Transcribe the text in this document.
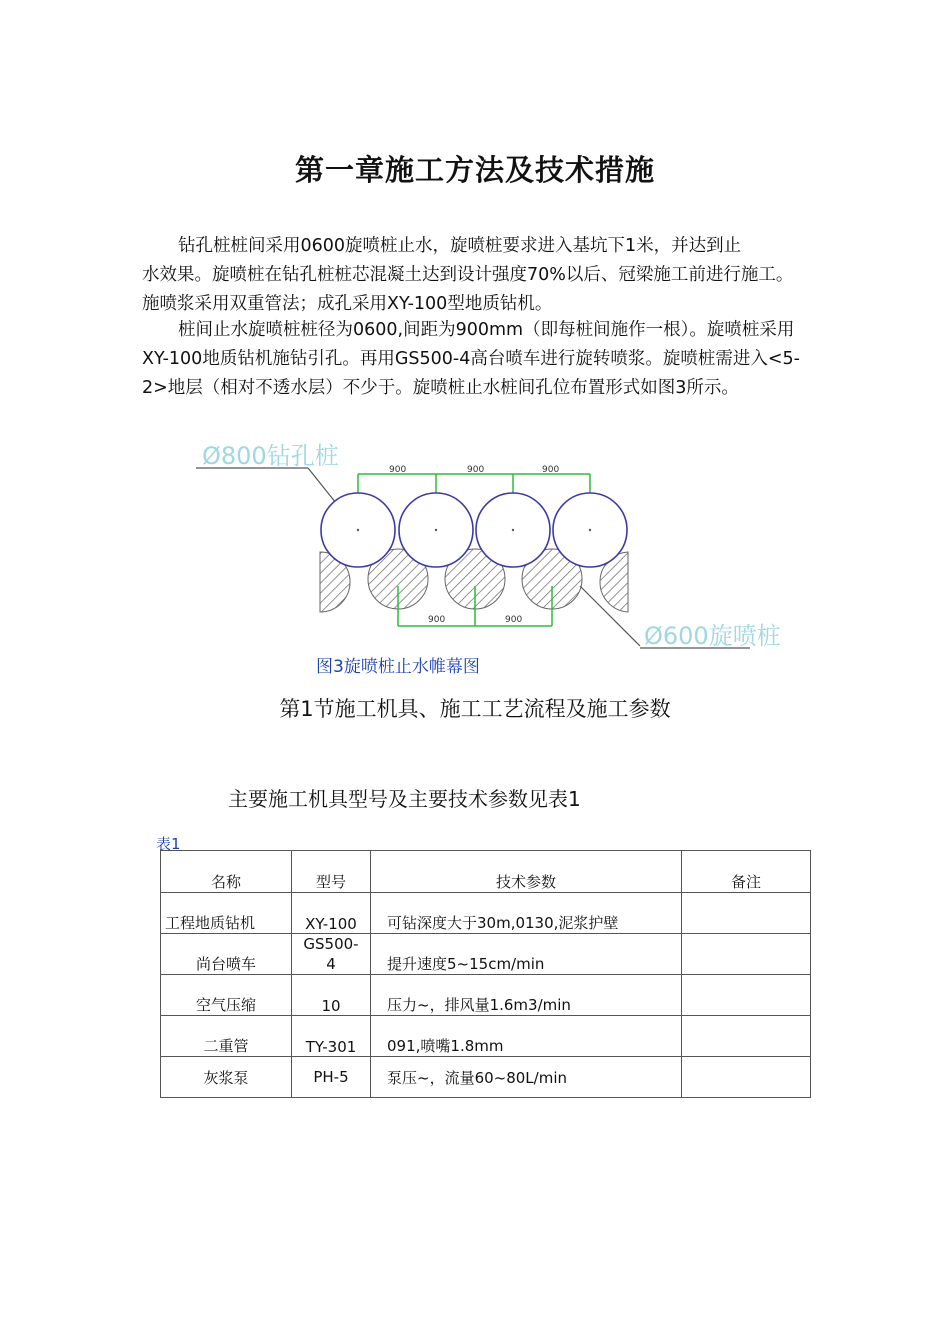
第一章施工方法及技术措施
钻孔桩桩间采用0600旋喷桩止水，旋喷桩要求进入基坑下1米，并达到止
水效果。旋喷桩在钻孔桩桩芯混凝土达到设计强度70%以后、冠梁施工前进行施工。施喷浆采用双重管法；成孔采用XY-100型地质钻机。
桩间止水旋喷桩桩径为0600,间距为900mm（即每桩间施作一根）。旋喷桩采用XY-100地质钻机施钻引孔。再用GS500-4高台喷车进行旋转喷浆。旋喷桩需进入<5-2>地层（相对不透水层）不少于。旋喷桩止水桩间孔位布置形式如图3所示。
Ø800钻孔桩	900	900	900
900	900
Ø600旋喷桩
图3旋喷桩止水帷幕图
第1节施工机具、施工工艺流程及施工参数
主要施工机具型号及主要技术参数见表1
表1
名称	型号	技术参数	备注

工程地质钻机	XY-100	可钻深度大于30m,0130,泥浆护壁	
尚台喷车	GS500-4	提升速度5~15cm/min	
空气压缩	10	压力~，排风量1.6m3/min	
二重管	TY-301	091,喷嘴1.8mm	
灰浆泵	PH-5	泵压~，流量60~80L/min	
